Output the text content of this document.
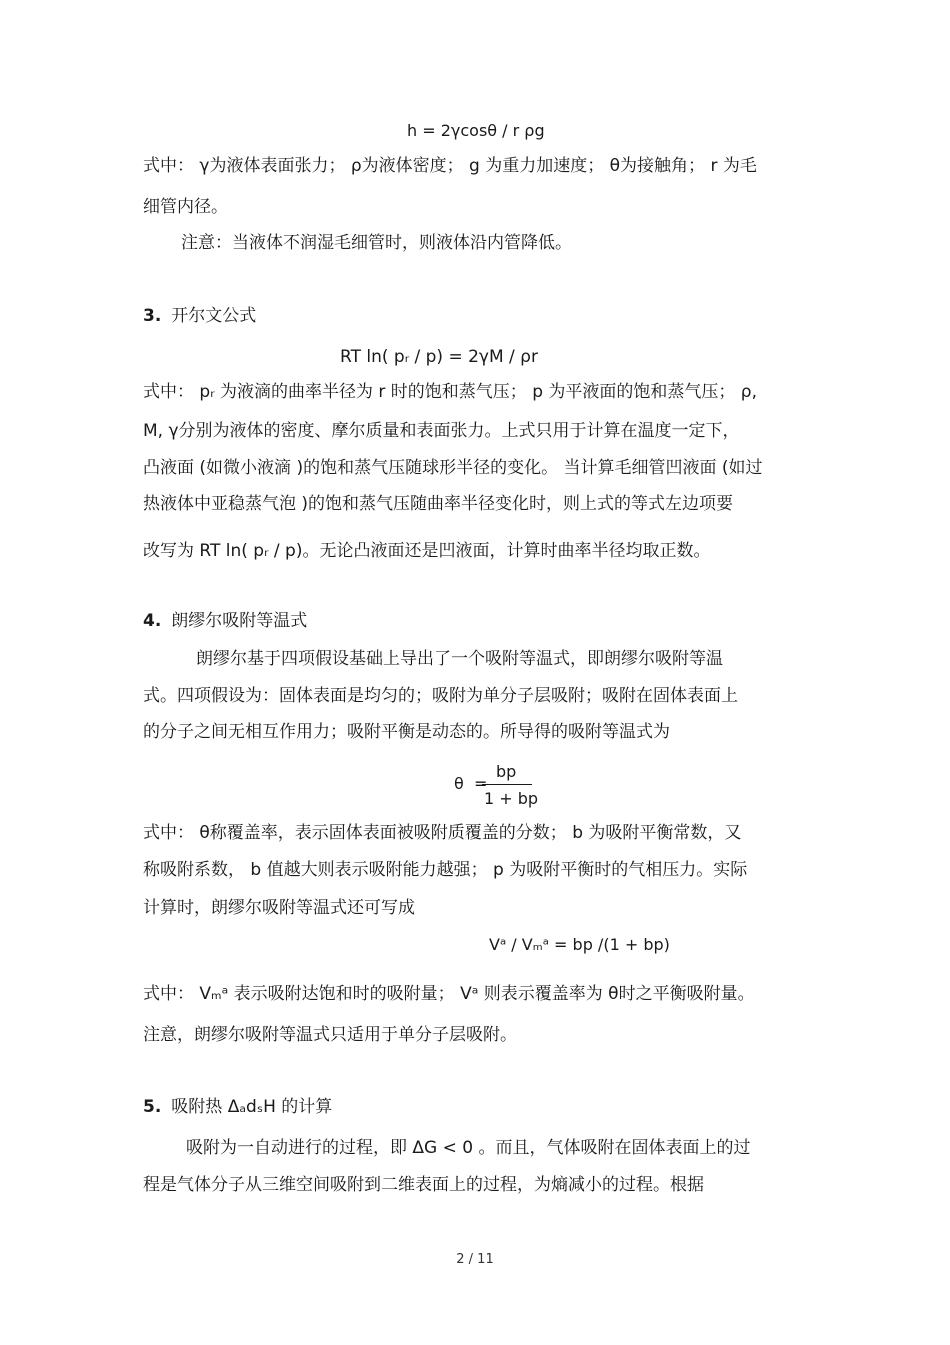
h = 2γcosθ / r ρg
式中： γ为液体表面张力； ρ为液体密度； g 为重力加速度； θ为接触角； r 为毛
细管内径。
注意：当液体不润湿毛细管时，则液体沿内管降低。
3. 开尔文公式
RT ln( pᵣ / p) = 2γM / ρr
式中： pᵣ 为液滴的曲率半径为 r 时的饱和蒸气压； p 为平液面的饱和蒸气压； ρ,
M, γ分别为液体的密度、摩尔质量和表面张力。上式只用于计算在温度一定下，
凸液面 (如微小液滴 )的饱和蒸气压随球形半径的变化。 当计算毛细管凹液面 (如过
热液体中亚稳蒸气泡 )的饱和蒸气压随曲率半径变化时，则上式的等式左边项要
改写为 RT ln( pᵣ / p)。无论凸液面还是凹液面，计算时曲率半径均取正数。
4. 朗缪尔吸附等温式
朗缪尔基于四项假设基础上导出了一个吸附等温式，即朗缪尔吸附等温
式。四项假设为：固体表面是均匀的；吸附为单分子层吸附；吸附在固体表面上
的分子之间无相互作用力；吸附平衡是动态的。所导得的吸附等温式为
θ =
bp
1 + bp
式中： θ称覆盖率，表示固体表面被吸附质覆盖的分数； b 为吸附平衡常数，又
称吸附系数， b 值越大则表示吸附能力越强； p 为吸附平衡时的气相压力。实际
计算时，朗缪尔吸附等温式还可写成
Vᵃ / Vₘᵃ = bp /(1 + bp)
式中： Vₘᵃ 表示吸附达饱和时的吸附量； Vᵃ 则表示覆盖率为 θ时之平衡吸附量。
注意，朗缪尔吸附等温式只适用于单分子层吸附。
5. 吸附热 ΔₐdₛH 的计算
吸附为一自动进行的过程，即 ΔG < 0 。而且，气体吸附在固体表面上的过
程是气体分子从三维空间吸附到二维表面上的过程，为熵减小的过程。根据
2 / 11
